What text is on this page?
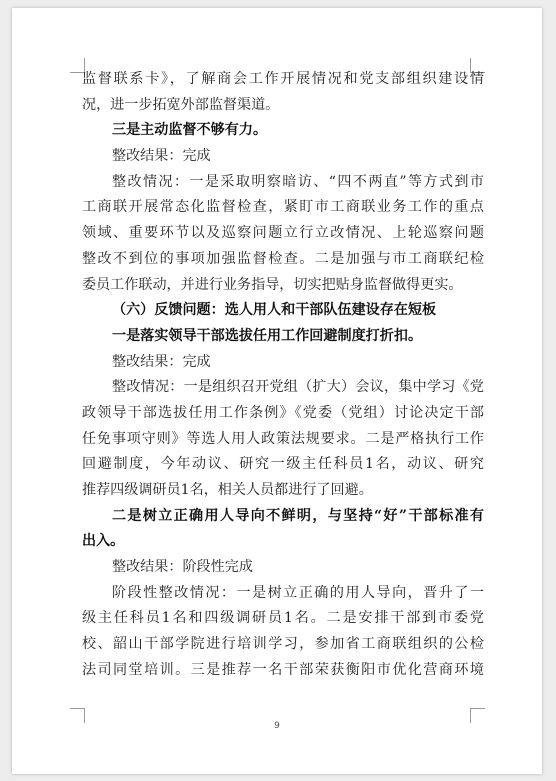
监督联系卡》，了解商会工作开展情况和党支部组织建设情
况，进一步拓宽外部监督渠道。
三是主动监督不够有力。
整改结果：完成
整改情况：一是采取明察暗访、“四不两直”等方式到市
工商联开展常态化监督检查，紧盯市工商联业务工作的重点
领域、重要环节以及巡察问题立行立改情况、上轮巡察问题
整改不到位的事项加强监督检查。二是加强与市工商联纪检
委员工作联动，并进行业务指导，切实把贴身监督做得更实。
（六）反馈问题：选人用人和干部队伍建设存在短板
一是落实领导干部选拔任用工作回避制度打折扣。
整改结果：完成
整改情况：一是组织召开党组（扩大）会议，集中学习《党
政领导干部选拔任用工作条例》《党委（党组）讨论决定干部
任免事项守则》等选人用人政策法规要求。二是严格执行工作
回避制度，今年动议、研究一级主任科员1名，动议、研究
推荐四级调研员1名，相关人员都进行了回避。
二是树立正确用人导向不鲜明，与坚持“好”干部标准有
出入。
整改结果：阶段性完成
阶段性整改情况：一是树立正确的用人导向，晋升了一
级主任科员1名和四级调研员1名。二是安排干部到市委党
校、韶山干部学院进行培训学习，参加省工商联组织的公检
法司同堂培训。三是推荐一名干部荣获衡阳市优化营商环境
9
